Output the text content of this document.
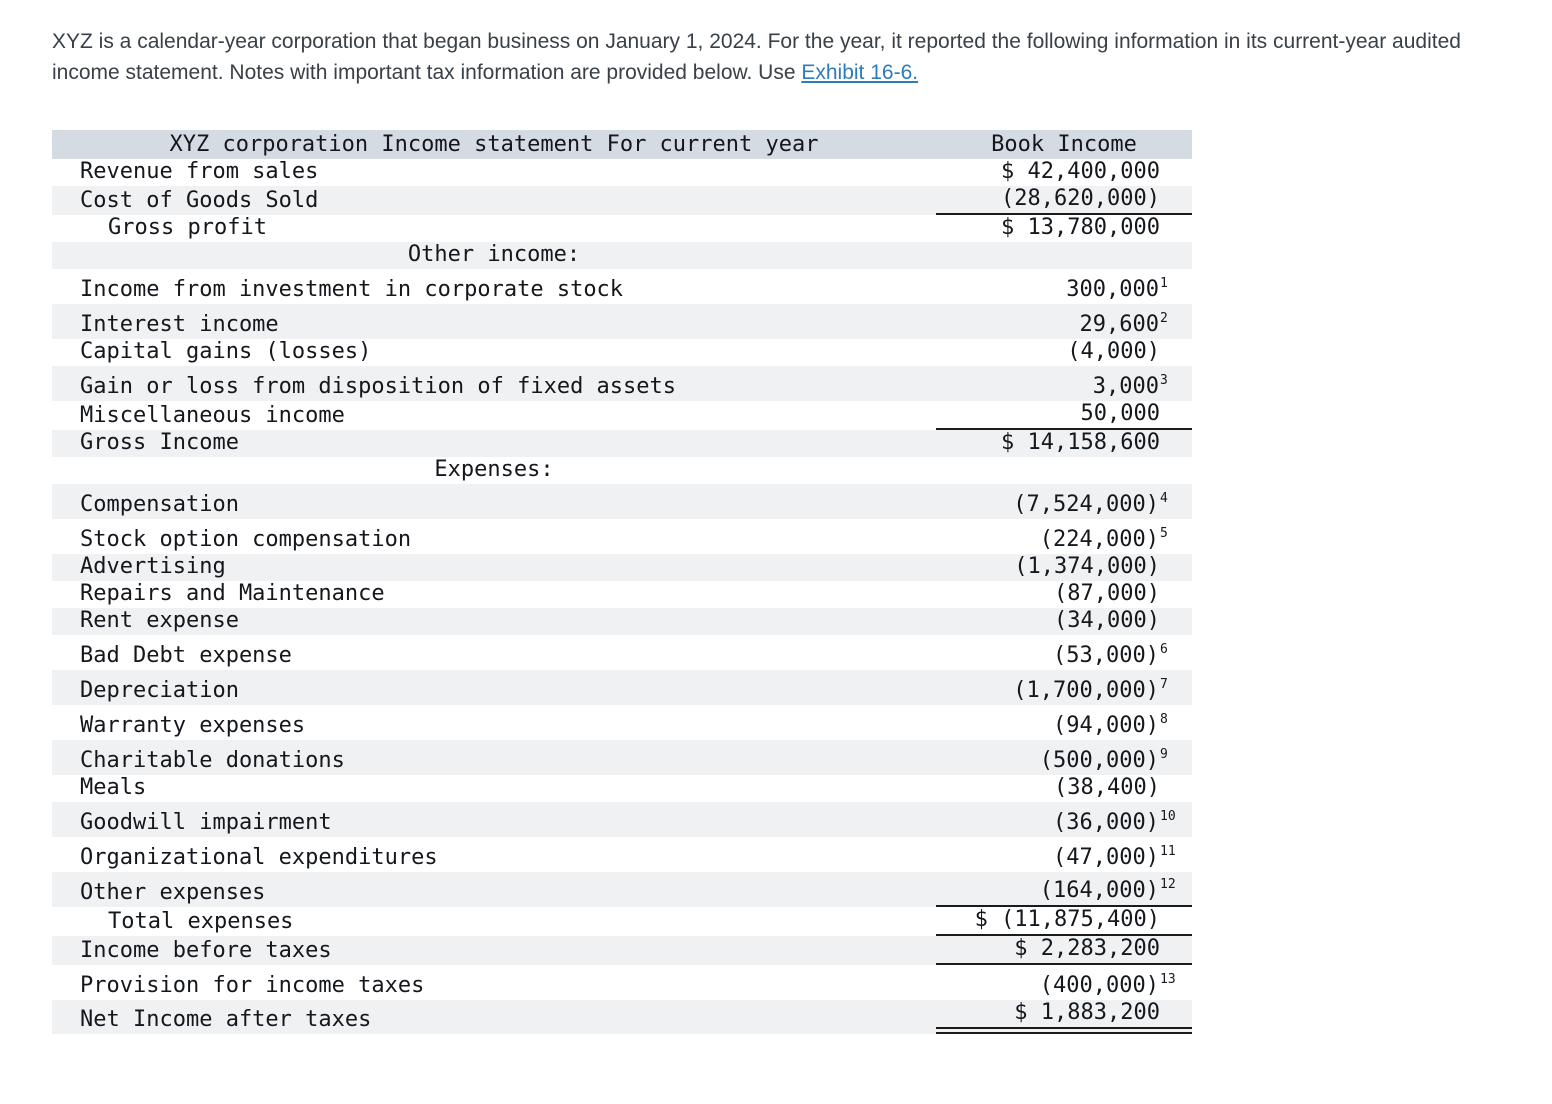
XYZ is a calendar-year corporation that began business on January 1, 2024. For the year, it reported the following information in its current-year audited income statement. Notes with important tax information are provided below. Use Exhibit 16-6.

XYZ corporation Income statement For current year	Book Income
Revenue from sales	$ 42,400,000
Cost of Goods Sold	(28,620,000)
Gross profit	$ 13,780,000
Other income:
Income from investment in corporate stock	300,0001
Interest income	29,6002
Capital gains (losses)	(4,000)
Gain or loss from disposition of fixed assets	3,0003
Miscellaneous income	50,000
Gross Income	$ 14,158,600
Expenses:
Compensation	(7,524,000)4
Stock option compensation	(224,000)5
Advertising	(1,374,000)
Repairs and Maintenance	(87,000)
Rent expense	(34,000)
Bad Debt expense	(53,000)6
Depreciation	(1,700,000)7
Warranty expenses	(94,000)8
Charitable donations	(500,000)9
Meals	(38,400)
Goodwill impairment	(36,000)10
Organizational expenditures	(47,000)11
Other expenses	(164,000)12
Total expenses	$ (11,875,400)
Income before taxes	$ 2,283,200
Provision for income taxes	(400,000)13
Net Income after taxes	$ 1,883,200
